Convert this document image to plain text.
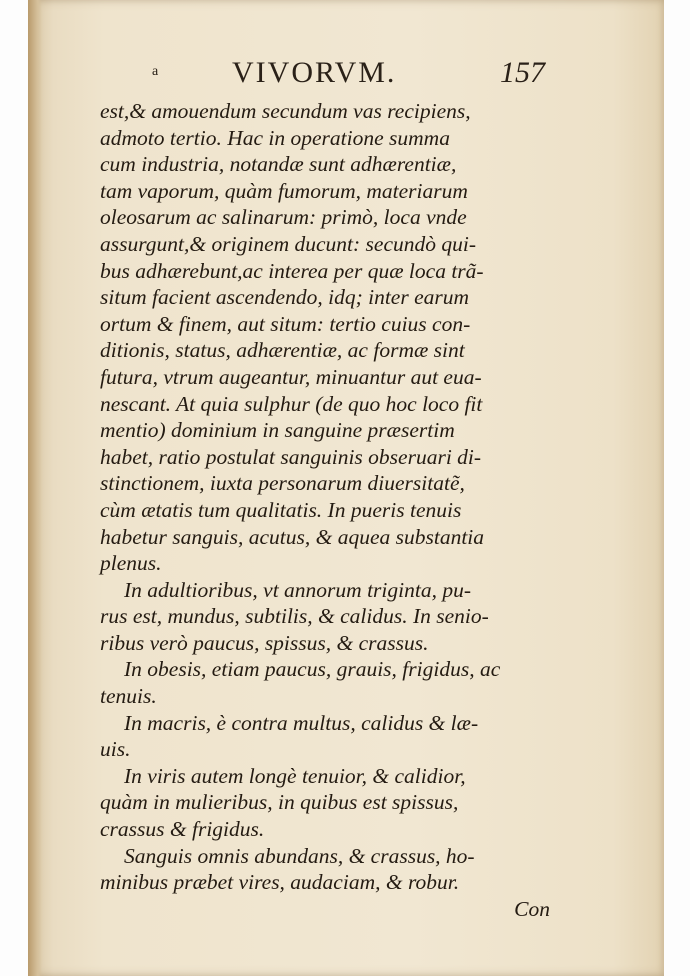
a VIVORVM.	157
est,& amouendum secundum vas recipiens,
admoto tertio. Hac in operatione summa
cum industria, notandæ sunt adhærentiæ,
tam vaporum, quàm fumorum, materiarum
oleosarum ac salinarum: primò, loca vnde
assurgunt,& originem ducunt: secundò qui-
bus adhærebunt,ac interea per quæ loca trã-
situm facient ascendendo, idq; inter earum
ortum & finem, aut situm: tertio cuius con-
ditionis, status, adhærentiæ, ac formæ sint
futura, vtrum augeantur, minuantur aut eua-
nescant. At quia sulphur (de quo hoc loco fit
mentio) dominium in sanguine præsertim
habet, ratio postulat sanguinis obseruari di-
stinctionem, iuxta personarum diuersitatẽ,
cùm ætatis tum qualitatis. In pueris tenuis
habetur sanguis, acutus, & aquea substantia
plenus.
In adultioribus, vt annorum triginta, pu-
rus est, mundus, subtilis, & calidus. In senio-
ribus verò paucus, spissus, & crassus.
In obesis, etiam paucus, grauis, frigidus, ac
tenuis.
In macris, è contra multus, calidus & læ-
uis.
In viris autem longè tenuior, & calidior,
quàm in mulieribus, in quibus est spissus,
crassus & frigidus.
Sanguis omnis abundans, & crassus, ho-
minibus præbet vires, audaciam, & robur.
Con
